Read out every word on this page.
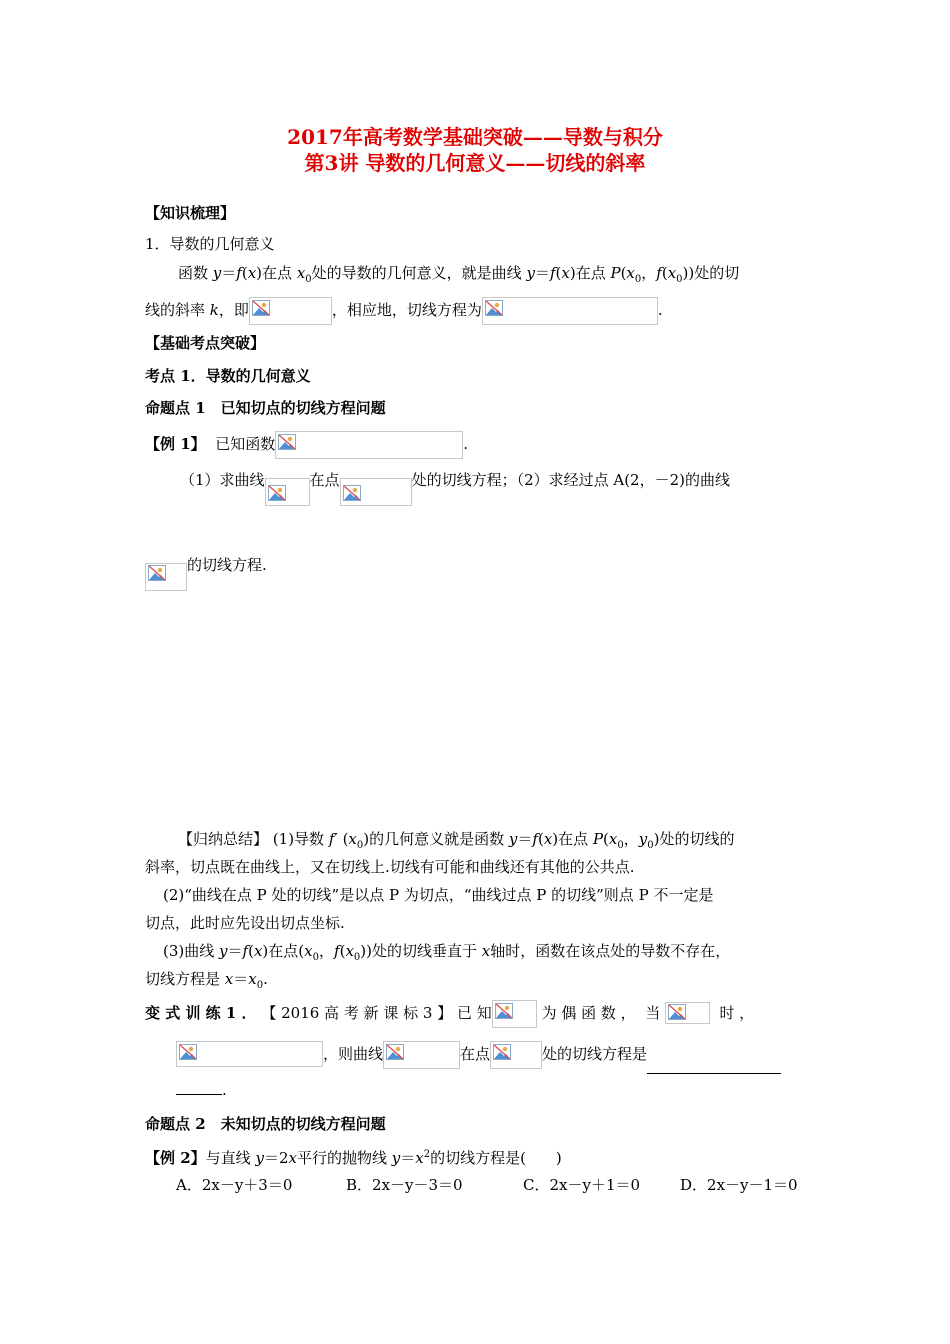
2017年高考数学基础突破——导数与积分
第3讲 导数的几何意义——切线的斜率
【知识梳理】
1．导数的几何意义
函数 y＝f(x)在点 $x_0$处的导数的几何意义，就是曲线 y＝f(x)在点 $P(x_0$，$f(x_0)$)处的切
线的斜率 k，即	，相应地，切线方程为	.
【基础考点突破】
考点 1．导数的几何意义
命题点 1　已知切点的切线方程问题
【例 1】 已知函数	.
（1）求曲线	在点	处的切线方程；（2）求经过点 A(2，－2)的曲线
的切线方程.
【归纳总结】 (1)导数 f′ $(x_0)$的几何意义就是函数 y＝f(x)在点 $P(x_0$，$y_0$)处的切线的
斜率，切点既在曲线上，又在切线上.切线有可能和曲线还有其他的公共点.
(2)“曲线在点 P 处的切线”是以点 P 为切点，“曲线过点 P 的切线”则点 P 不一定是
切点，此时应先设出切点坐标.
(3)曲线 y＝f(x)在点($x_0$，$f(x_0)$)处的切线垂直于 x轴时，函数在该点处的导数不存在，
切线方程是 $x=x_0$.
变 式 训 练 1 ． 【 2016 高 考 新 课 标 3 】 已 知	为 偶 函 数 ， 当	时 ，
，则曲线	在点	处的切线方程是
.
命题点 2　未知切点的切线方程问题
【例 2】与直线 y＝2x平行的抛物线 $y=x^2$的切线方程是(　　)
A．2x－y＋3＝0	B．2x－y－3＝0	C．2x－y＋1＝0	D．2x－y－1＝0
